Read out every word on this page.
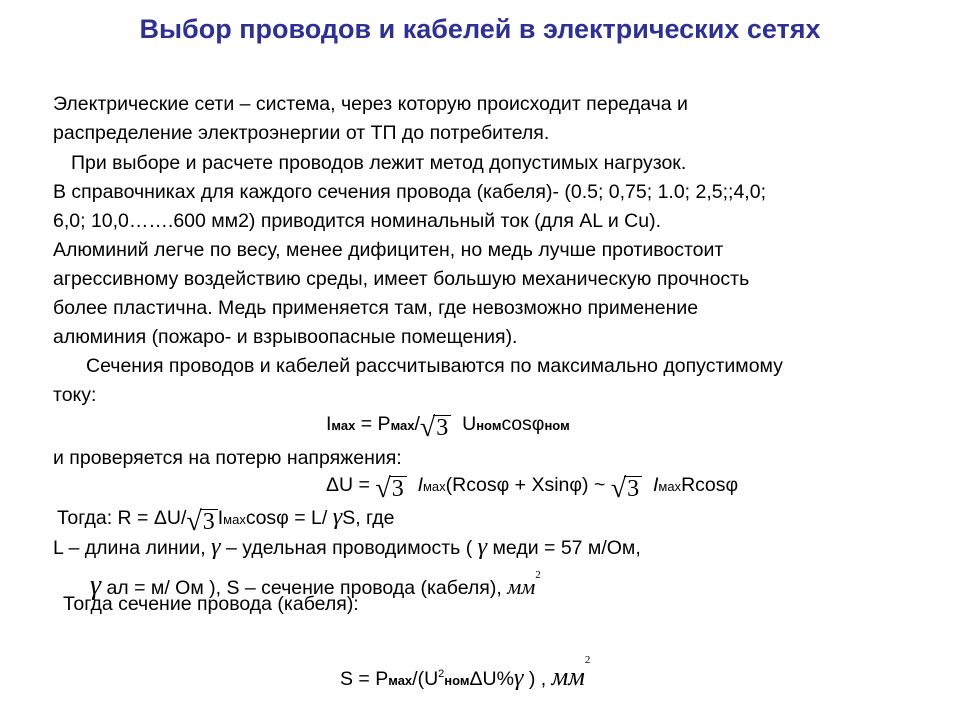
Выбор проводов и кабелей в электрических сетях
Электрические сети – система, через которую происходит передача и
распределение электроэнергии от ТП до потребителя.
При выборе и расчете проводов лежит метод допустимых нагрузок.
В справочниках для каждого сечения провода (кабеля)- (0.5; 0,75; 1.0; 2,5;;4,0;
6,0; 10,0…….600 мм2) приводится номинальный ток (для AL и Cu).
Алюминий легче по весу, менее дифицитен, но медь лучше противостоит
агрессивному воздействию среды, имеет большую механическую прочность
более пластична. Медь применяется там, где невозможно применение
алюминия (пожаро- и взрывоопасные помещения).
Сечения проводов и кабелей рассчитываются по максимально допустимому
току:
Iмах = Pмах/√3 Uномcosφном
и проверяется на потерю напряжения:
ΔU = √3 Iмах(Rcosφ + Xsinφ) ~ √3 IмахRcosφ
Тогда: R = ΔU/√3 Iмахcosφ = L/ γS, где
L – длина линии, γ – удельная проводимость ( γ меди = 57 м/Ом,
γ ал = м/ Ом ), S – сечение провода (кабеля), $мм^2$
Тогда сечение провода (кабеля):
S = Pмах/($U^2ном\Delta U\%\gamma$ ) , $мм^2$
